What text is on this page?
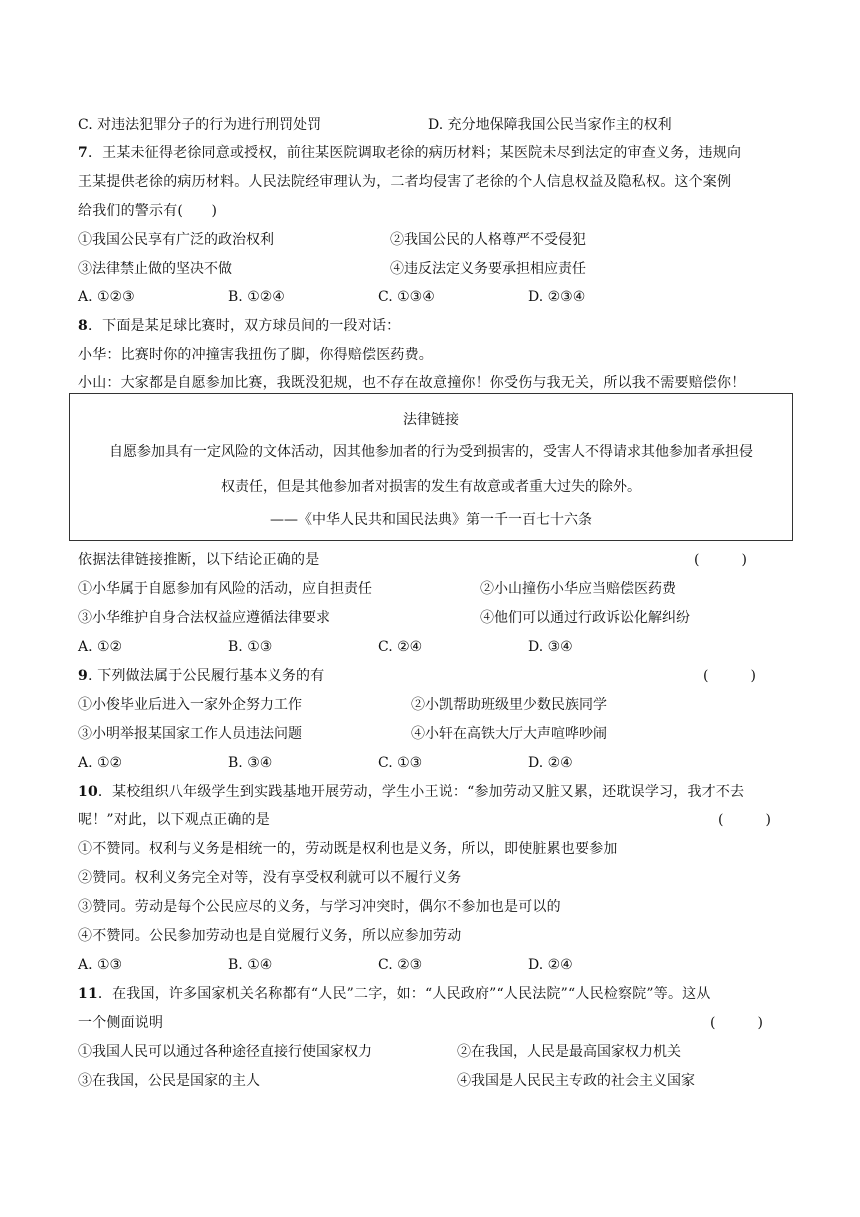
C. 对违法犯罪分子的行为进行刑罚处罚	D. 充分地保障我国公民当家作主的权利
7．王某未征得老徐同意或授权，前往某医院调取老徐的病历材料；某医院未尽到法定的审查义务，违规向
王某提供老徐的病历材料。人民法院经审理认为，二者均侵害了老徐的个人信息权益及隐私权。这个案例
给我们的警示有(　　)
①我国公民享有广泛的政治权利	②我国公民的人格尊严不受侵犯
③法律禁止做的坚决不做	④违反法定义务要承担相应责任
A. ①②③	B. ①②④	C. ①③④	D. ②③④
8．下面是某足球比赛时，双方球员间的一段对话：
小华：比赛时你的冲撞害我扭伤了脚，你得赔偿医药费。
小山：大家都是自愿参加比赛，我既没犯规，也不存在故意撞你！你受伤与我无关，所以我不需要赔偿你！
法律链接
自愿参加具有一定风险的文体活动，因其他参加者的行为受到损害的，受害人不得请求其他参加者承担侵
权责任，但是其他参加者对损害的发生有故意或者重大过失的除外。
——《中华人民共和国民法典》第一千一百七十六条
依据法律链接推断，以下结论正确的是	(　　　)
①小华属于自愿参加有风险的活动，应自担责任	②小山撞伤小华应当赔偿医药费
③小华维护自身合法权益应遵循法律要求	④他们可以通过行政诉讼化解纠纷
A. ①②	B. ①③	C. ②④	D. ③④
9. 下列做法属于公民履行基本义务的有	(　　　)
①小俊毕业后进入一家外企努力工作	②小凯帮助班级里少数民族同学
③小明举报某国家工作人员违法问题	④小轩在高铁大厅大声喧哗吵闹
A. ①②	B. ③④	C. ①③	D. ②④
10．某校组织八年级学生到实践基地开展劳动，学生小王说：“参加劳动又脏又累，还耽误学习，我才不去
呢！”对此，以下观点正确的是	(　　　)
①不赞同。权利与义务是相统一的，劳动既是权利也是义务，所以，即使脏累也要参加
②赞同。权利义务完全对等，没有享受权利就可以不履行义务
③赞同。劳动是每个公民应尽的义务，与学习冲突时，偶尔不参加也是可以的
④不赞同。公民参加劳动也是自觉履行义务，所以应参加劳动
A. ①③	B. ①④	C. ②③	D. ②④
11．在我国，许多国家机关名称都有“人民”二字，如：“人民政府”“人民法院”“人民检察院”等。这从
一个侧面说明	(　　　)
①我国人民可以通过各种途径直接行使国家权力	②在我国，人民是最高国家权力机关
③在我国，公民是国家的主人	④我国是人民民主专政的社会主义国家
